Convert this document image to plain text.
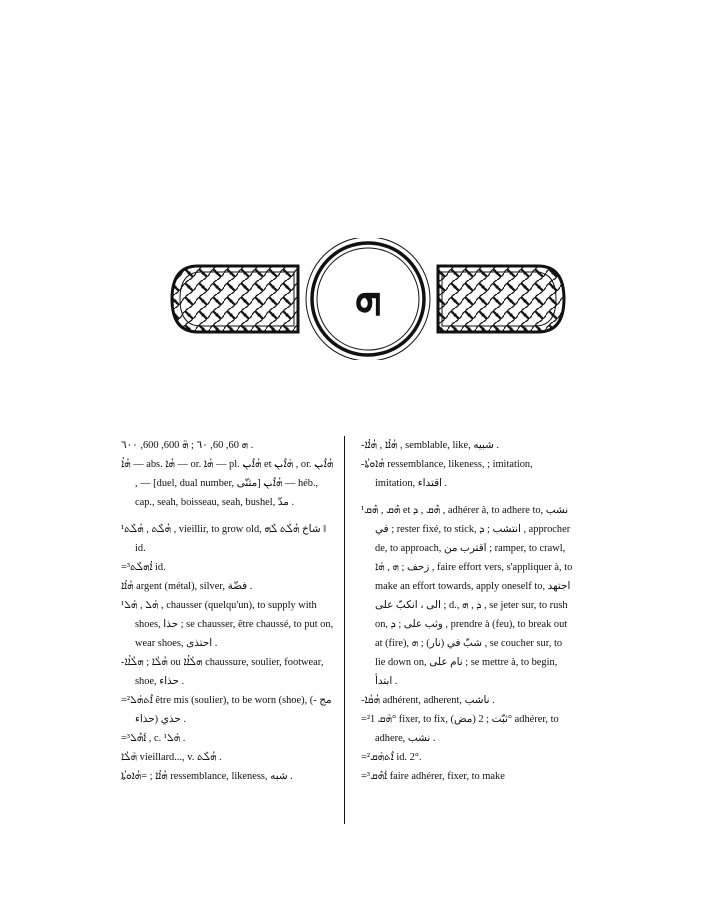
ܗ

ܗ 60, 60, ٦٠ ; ܗ̈ 600, 600, ٦٠٠ .

ܗܳܐܳ — abs. ܗܳܐ — or. ܗܳܐ — pl. ܗܳܐܶܝܢ et ܗܰܐܶܝܢ , or. ܗܳܐܶܝܢ , — [duel, dual number, مثنّى] ܗܳܐܶܝܢ — héb., cap., seah, boisseau, seah, bushel, مدّ .

¹ܗܳܠܶܬ , ܗܳܠܶܬ , vieillir, to grow old, شاخ ܗܳܠܶܬ ܠܶܗ ‖ id.

=³ܐܳܗܠܶܬ id.

ܗܳܐܳܐ argent (métal), silver, فضّة .

¹ܗܰܠ , ܗܰܠ , chausser (quelqu'un), to supply with shoes, حذا ; se chausser, être chaussé, to put on, wear shoes, احتذى .

-ܗܳܠܳܐ ; ܗܠܳܐܳܐ ou ܗܠܳܐܳܐ chaussure, soulier, footwear, shoe, حذاء .

=²ܐܶܬܗܰܠ être mis (soulier), to be worn (shoe), (مج - حذاء) حذي .

=³ܐܰܗܶܠ , c. ¹ܗܰܠ .

ܗܰܠܳܐ vieillard..., v. ܗܳܠܶܬ .

ܗܳܐܳܐ ; =ܗܳܐܘܬܳܐ ressemblance, likeness, شبه .

-ܗܳܐܳܐ , ܗܳܐܳܐ , semblable, like, شبيه .

-ܗܳܐܘܬܳܐ ressemblance, likeness, ; imitation, imitation, اقتداء .

¹ܗܶܩ , ܗܶܩ et ܗܶܩ , ܕ , adhérer à, to adhere to, نشب في ; rester fixé, to stick, انتشب ; ܕ , approcher de, to approach, اقترب من ; ramper, to crawl, زحف ; ܗ , ܗܰܐ , faire effort vers, s'appliquer à, to make an effort towards, apply oneself to, اجتهد الى ، انكبّ على ; d., ܕ , ܗ , se jeter sur, to rush on, وثب على ; ܕ , prendre à (feu), to break out at (fire), شبّ في (نار) ; ܗ , se coucher sur, to lie down on, نام على ; se mettre à, to begin, ابتدأ .

-ܗܳܩܳܐ adhérent, adherent, ناشب .

=²ܗܰܩ 1° fixer, to fix, (مض) ثبّت ; 2° adhérer, to adhere, نشب .

=²ܐܶܬܗܰܩ id. 2°.

=³ܐܰܗܶܩ faire adhérer, fixer, to make
